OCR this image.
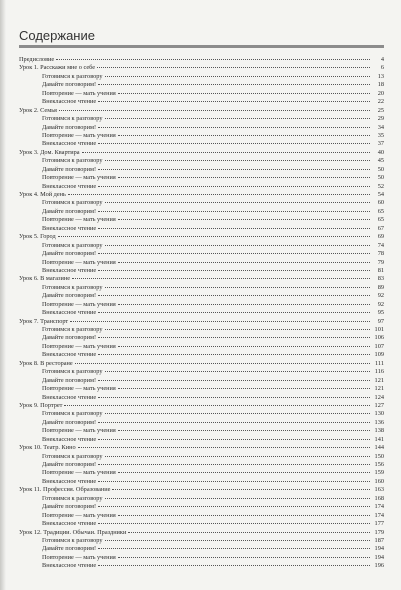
Содержание
Предисловие	4
Урок 1. Расскажи мне о себе	6
Готовимся к разговору	13
Давайте поговорим!	18
Повторение — мать учения	20
Внеклассное чтение	22
Урок 2. Семья	25
Готовимся к разговору	29
Давайте поговорим!	34
Повторение — мать учения	35
Внеклассное чтение	37
Урок 3. Дом. Квартира	40
Готовимся к разговору	45
Давайте поговорим!	50
Повторение — мать учения	50
Внеклассное чтение	52
Урок 4. Мой день	54
Готовимся к разговору	60
Давайте поговорим!	65
Повторение — мать учения	65
Внеклассное чтение	67
Урок 5. Город	69
Готовимся к разговору	74
Давайте поговорим!	78
Повторение — мать учения	79
Внеклассное чтение	81
Урок 6. В магазине	83
Готовимся к разговору	89
Давайте поговорим!	92
Повторение — мать учения	92
Внеклассное чтение	95
Урок 7. Транспорт	97
Готовимся к разговору	101
Давайте поговорим!	106
Повторение — мать учения	107
Внеклассное чтение	109
Урок 8. В ресторане	111
Готовимся к разговору	116
Давайте поговорим!	121
Повторение — мать учения	121
Внеклассное чтение	124
Урок 9. Портрет	127
Готовимся к разговору	130
Давайте поговорим!	136
Повторение — мать учения	138
Внеклассное чтение	141
Урок 10. Театр. Кино	144
Готовимся к разговору	150
Давайте поговорим!	156
Повторение — мать учения	159
Внеклассное чтение	160
Урок 11. Профессия. Образование	163
Готовимся к разговору	168
Давайте поговорим!	174
Повторение — мать учения	174
Внеклассное чтение	177
Урок 12. Традиции. Обычаи. Праздники	179
Готовимся к разговору	187
Давайте поговорим!	194
Повторение — мать учения	194
Внеклассное чтение	196
